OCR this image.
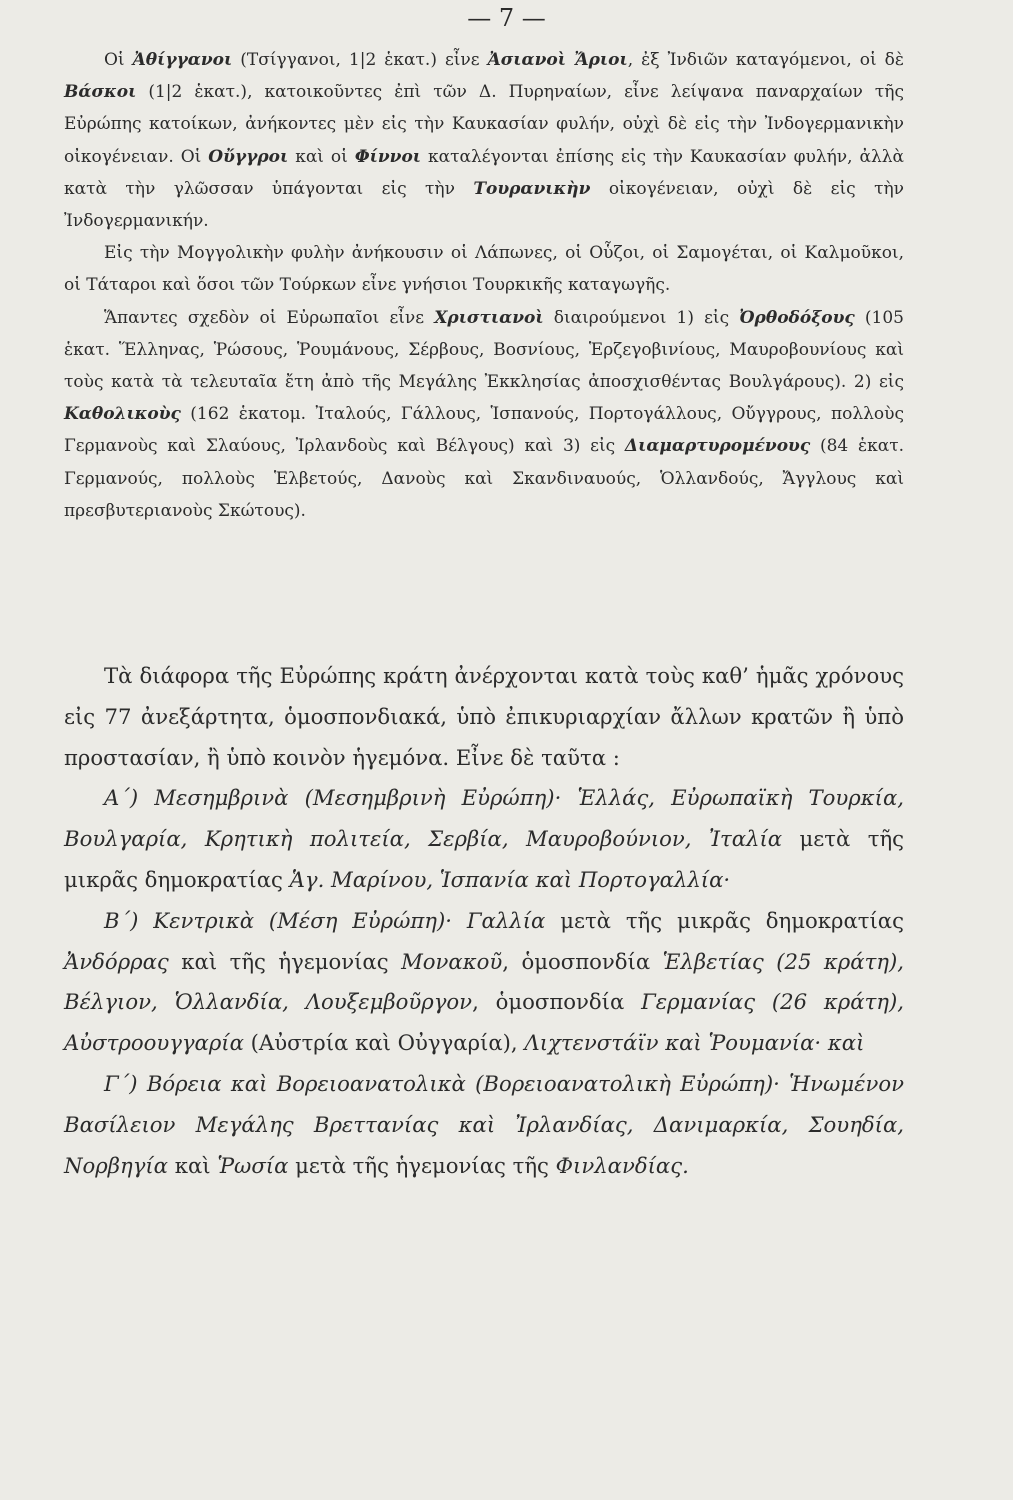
— 7 —

Οἱ Ἀθίγγανοι (Τσίγγανοι, 1|2 ἑκατ.) εἶνε Ἀσιανοὶ Ἄριοι, ἐξ Ἰνδιῶν καταγόμενοι, οἱ δὲ Βάσκοι (1|2 ἑκατ.), κατοικοῦντες ἐπὶ τῶν Δ. Πυρηναίων, εἶνε λείψανα παναρχαίων τῆς Εὐρώπης κατοίκων, ἀνήκοντες μὲν εἰς τὴν Καυκασίαν φυλήν, οὐχὶ δὲ εἰς τὴν Ἰνδογερμανικὴν οἰκογένειαν. Οἱ Οὔγγροι καὶ οἱ Φίννοι καταλέγονται ἐπίσης εἰς τὴν Καυκασίαν φυλήν, ἀλλὰ κατὰ τὴν γλῶσσαν ὑπάγονται εἰς τὴν Τουρανικὴν οἰκογένειαν, οὐχὶ δὲ εἰς τὴν Ἰνδογερμανικήν.

Εἰς τὴν Μογγολικὴν φυλὴν ἀνήκουσιν οἱ Λάπωνες, οἱ Οὗζοι, οἱ Σαμογέται, οἱ Καλμοῦκοι, οἱ Τάταροι καὶ ὅσοι τῶν Τούρκων εἶνε γνήσιοι Τουρκικῆς καταγωγῆς.

Ἅπαντες σχεδὸν οἱ Εὐρωπαῖοι εἶνε Χριστιανοὶ διαιρούμενοι 1) εἰς Ὀρθοδόξους (105 ἑκατ. Ἕλληνας, Ῥώσους, Ῥουμάνους, Σέρβους, Βοσνίους, Ἑρζεγοβινίους, Μαυροβουνίους καὶ τοὺς κατὰ τὰ τελευταῖα ἔτη ἀπὸ τῆς Μεγάλης Ἐκκλησίας ἀποσχισθέντας Βουλγάρους). 2) εἰς Καθολικοὺς (162 ἑκατομ. Ἰταλούς, Γάλλους, Ἱσπανούς, Πορτογάλλους, Οὔγγρους, πολλοὺς Γερμανοὺς καὶ Σλαύους, Ἰρλανδοὺς καὶ Βέλγους) καὶ 3) εἰς Διαμαρτυρομένους (84 ἑκατ. Γερμανούς, πολλοὺς Ἑλβετούς, Δανοὺς καὶ Σκανδιναυούς, Ὁλλανδούς, Ἄγγλους καὶ πρεσβυτεριανοὺς Σκώτους).

Τὰ διάφορα τῆς Εὐρώπης κράτη ἀνέρχονται κατὰ τοὺς καθ’ ἡμᾶς χρόνους εἰς 77 ἀνεξάρτητα, ὁμοσπονδιακά, ὑπὸ ἐπικυριαρχίαν ἄλλων κρατῶν ἢ ὑπὸ προστασίαν, ἢ ὑπὸ κοινὸν ἡγεμόνα. Εἶνε δὲ ταῦτα :

Α΄) Μεσημβρινὰ (Μεσημβρινὴ Εὐρώπη)· Ἑλλάς, Εὐρωπαϊκὴ Τουρκία, Βουλγαρία, Κρητικὴ πολιτεία, Σερβία, Μαυροβούνιον, Ἰταλία μετὰ τῆς μικρᾶς δημοκρατίας Ἁγ. Μαρίνου, Ἱσπανία καὶ Πορτογαλλία·

Β΄) Κεντρικὰ (Μέση Εὐρώπη)· Γαλλία μετὰ τῆς μικρᾶς δημοκρατίας Ἀνδόρρας καὶ τῆς ἡγεμονίας Μονακοῦ, ὁμοσπονδία Ἑλβετίας (25 κράτη), Βέλγιον, Ὁλλανδία, Λουξεμβοῦργον, ὁμοσπονδία Γερμανίας (26 κράτη), Αὐστροουγγαρία (Αὐστρία καὶ Οὐγγαρία), Λιχτενστάϊν καὶ Ῥουμανία· καὶ

Γ΄) Βόρεια καὶ Βορειοανατολικὰ (Βορειοανατολικὴ Εὐρώπη)· Ἡνωμένον Βασίλειον Μεγάλης Βρεττανίας καὶ Ἰρλανδίας, Δανιμαρκία, Σουηδία, Νορβηγία καὶ Ῥωσία μετὰ τῆς ἡγεμονίας τῆς Φινλανδίας.
